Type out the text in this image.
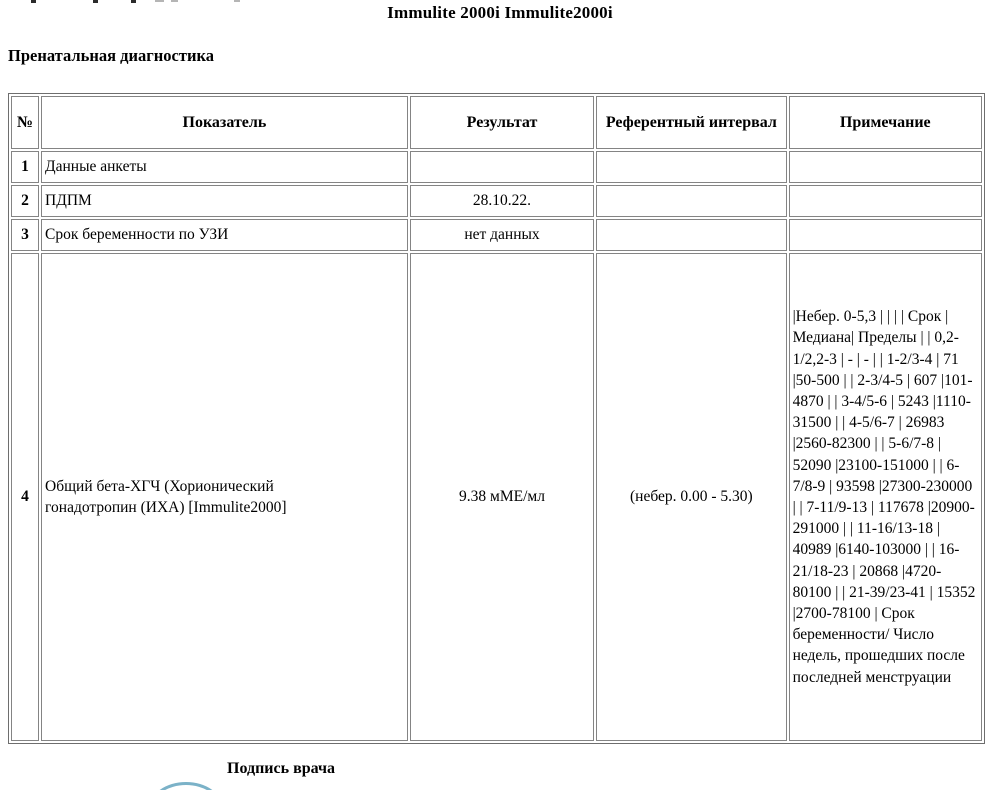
Immulite 2000i Immulite2000i
Пренатальная диагностика
№	Показатель	Результат	Референтный интервал	Примечание
1	Данные анкеты			
2	ПДПМ	28.10.22.		
3	Срок беременности по УЗИ	нет данных		
4	Общий бета-ХГЧ (Хорионический гонадотропин (ИХА) [Immulite2000]	9.38 мМЕ/мл	(небер. 0.00 - 5.30)	|Небер. 0-5,3 | | | | Срок | Медиана| Пределы | | 0,2-1/2,2-3 | - | - | | 1-2/3-4 | 71 |50-500 | | 2-3/4-5 | 607 |101-4870 | | 3-4/5-6 | 5243 |1110-31500 | | 4-5/6-7 | 26983 |2560-82300 | | 5-6/7-8 | 52090 |23100-151000 | | 6-7/8-9 | 93598 |27300-230000 | | 7-11/9-13 | 117678 |20900-291000 | | 11-16/13-18 | 40989 |6140-103000 | | 16-21/18-23 | 20868 |4720-80100 | | 21-39/23-41 | 15352 |2700-78100 | Срок беременности/ Число недель, прошедших после последней менструации
Подпись врача
